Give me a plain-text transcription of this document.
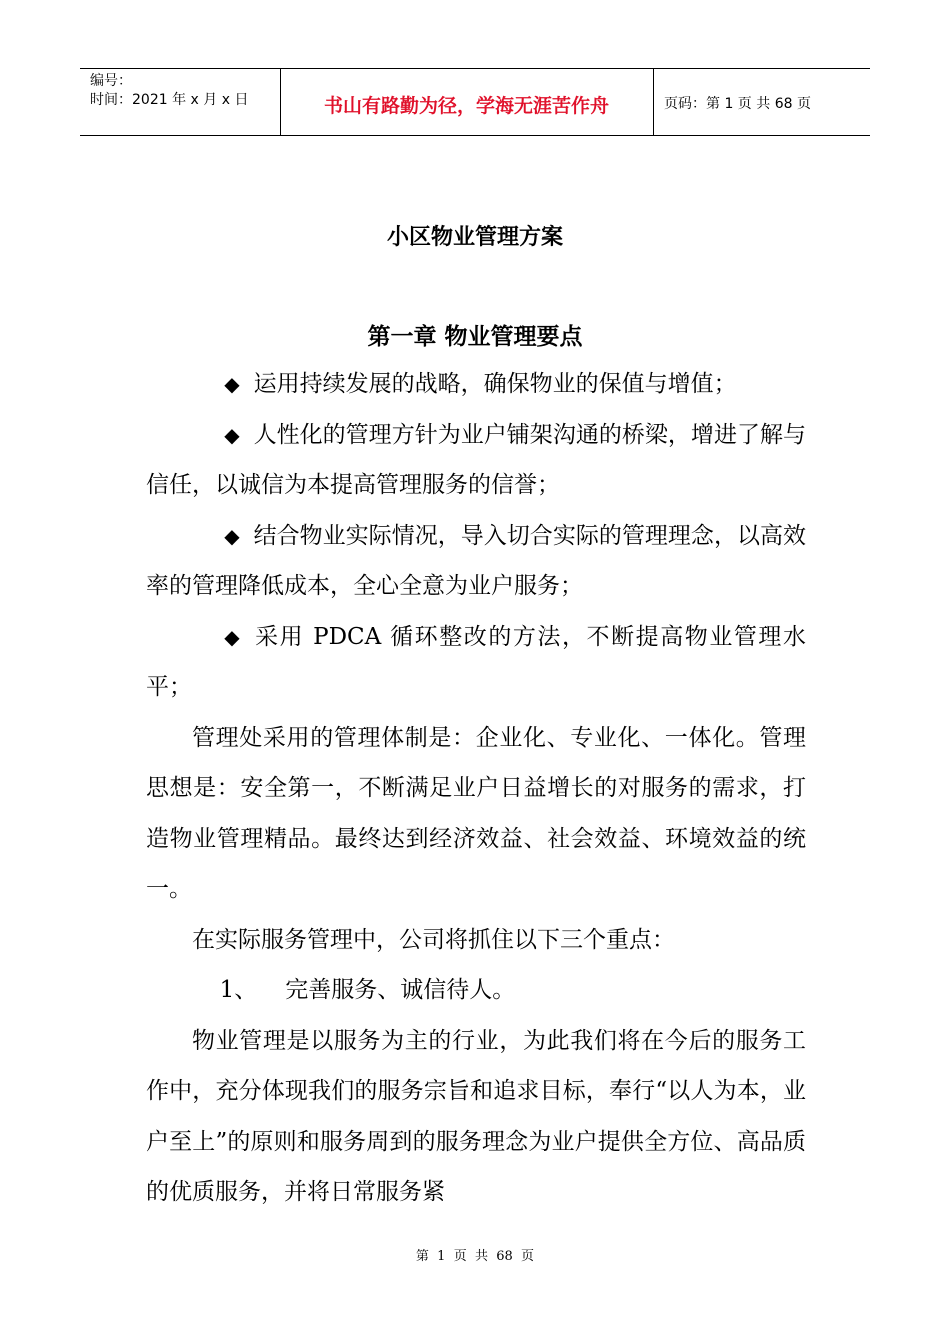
编号：
时间：2021 年 x 月 x 日	书山有路勤为径，学海无涯苦作舟	页码：第 1 页 共 68 页
小区物业管理方案
第一章 物业管理要点

◆ 运用持续发展的战略，确保物业的保值与增值；

◆ 人性化的管理方针为业户铺架沟通的桥梁，增进了解与信任，以诚信为本提高管理服务的信誉；

◆ 结合物业实际情况，导入切合实际的管理理念，以高效率的管理降低成本，全心全意为业户服务；

◆ 采用 PDCA 循环整改的方法，不断提高物业管理水平；

管理处采用的管理体制是：企业化、专业化、一体化。管理思想是：安全第一，不断满足业户日益增长的对服务的需求，打造物业管理精品。最终达到经济效益、社会效益、环境效益的统一。

在实际服务管理中，公司将抓住以下三个重点：

1、 完善服务、诚信待人。

物业管理是以服务为主的行业，为此我们将在今后的服务工作中，充分体现我们的服务宗旨和追求目标，奉行“以人为本，业户至上”的原则和服务周到的服务理念为业户提供全方位、高品质的优质服务，并将日常服务紧

第  1  页  共  68  页
